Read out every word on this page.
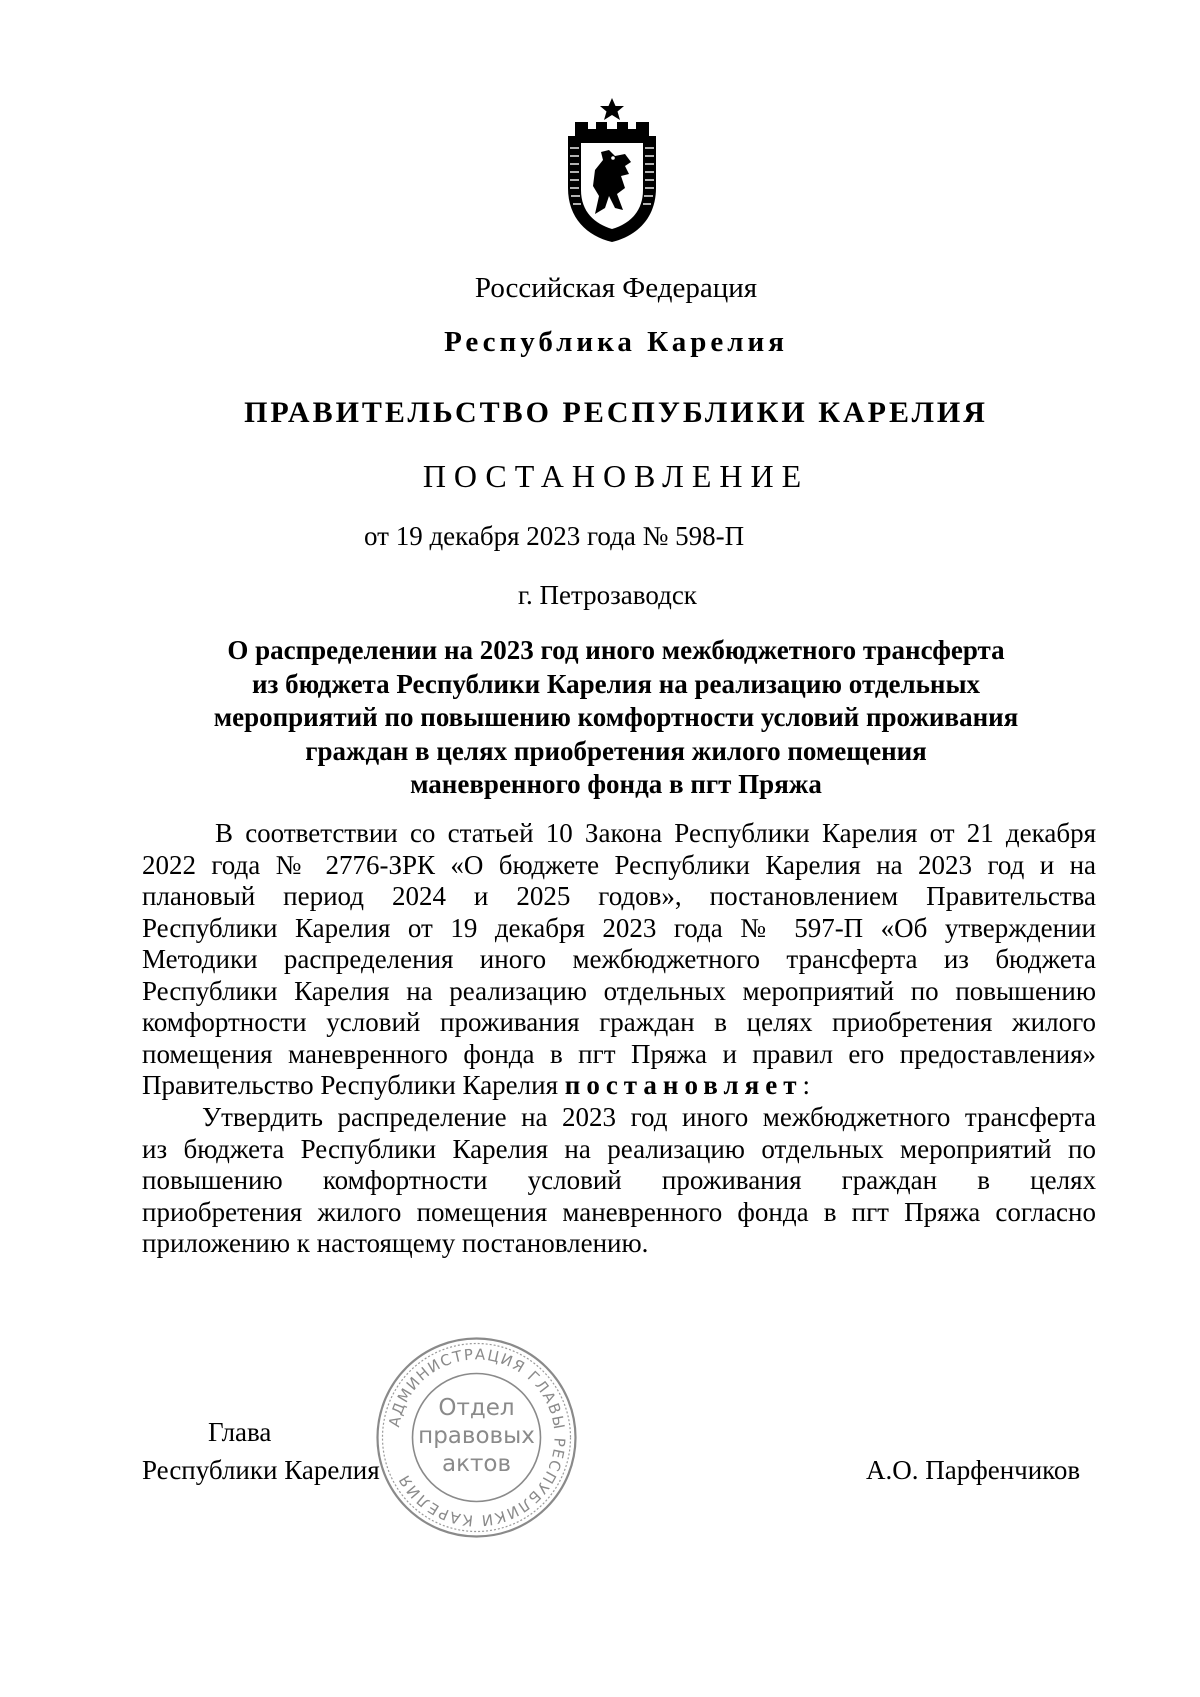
Российская Федерация
Республика Карелия
ПРАВИТЕЛЬСТВО РЕСПУБЛИКИ КАРЕЛИЯ
ПОСТАНОВЛЕНИЕ
от 19 декабря 2023 года № 598-П
г. Петрозаводск
О распределении на 2023 год иного межбюджетного трансферта
из бюджета Республики Карелия на реализацию отдельных
мероприятий по повышению комфортности условий проживания
граждан в целях приобретения жилого помещения
маневренного фонда в пгт Пряжа
В соответствии со статьей 10 Закона Республики Карелия от 21 декабря
2022 года № 2776-ЗРК «О бюджете Республики Карелия на 2023 год и на
плановый период 2024 и 2025 годов», постановлением Правительства
Республики Карелия от 19 декабря 2023 года № 597-П «Об утверждении
Методики распределения иного межбюджетного трансферта из бюджета
Республики Карелия на реализацию отдельных мероприятий по повышению
комфортности условий проживания граждан в целях приобретения жилого
помещения маневренного фонда в пгт Пряжа и правил его предоставления»
Правительство Республики Карелия постановляет:
Утвердить распределение на 2023 год иного межбюджетного трансферта
из бюджета Республики Карелия на реализацию отдельных мероприятий по
повышению комфортности условий проживания граждан в целях
приобретения жилого помещения маневренного фонда в пгт Пряжа согласно
приложению к настоящему постановлению.
Глава
Республики Карелия	А.О. Парфенчиков
АДМИНИСТРАЦИЯ ГЛАВЫ РЕСПУБЛИКИ КАРЕЛИЯ
Отдел
правовых
актов
